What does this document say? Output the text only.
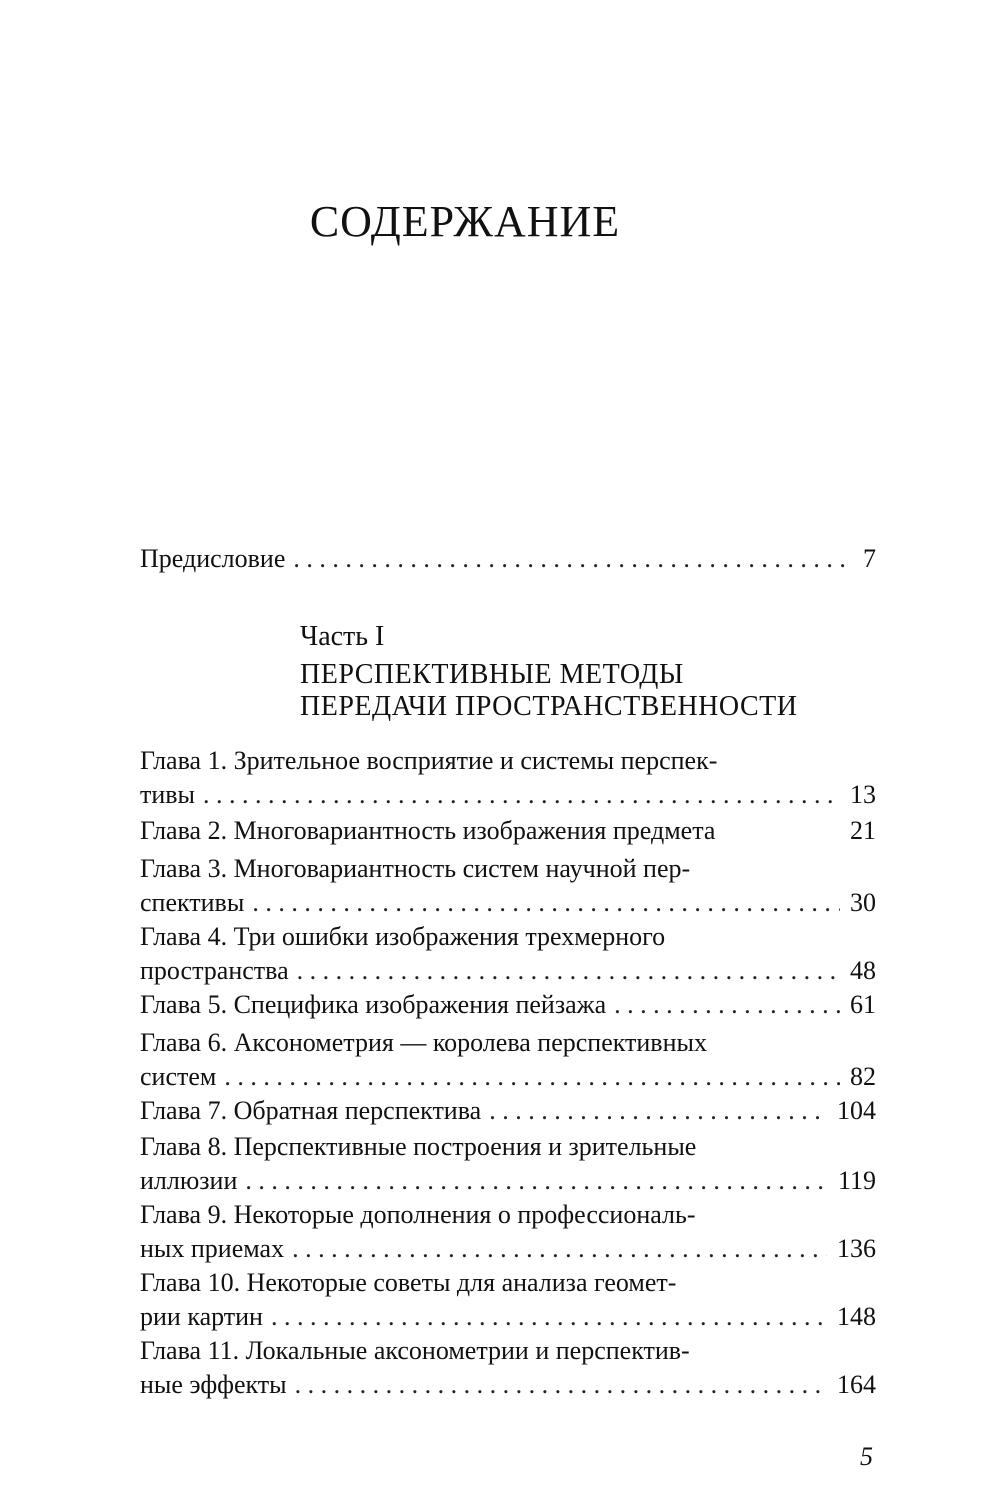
СОДЕРЖАНИЕ
Предисловие . . .	7
Часть I
ПЕРСПЕКТИВНЫЕ МЕТОДЫ
ПЕРЕДАЧИ ПРОСТРАНСТВЕННОСТИ
Глава 1. Зрительное восприятие и системы перспек-
тивы . . .	13
Глава 2. Многовариантность изображения предмета	21
Глава 3. Многовариантность систем научной пер-
спективы . . .	30
Глава 4. Три ошибки изображения трехмерного
пространства . . .	48
Глава 5. Специфика изображения пейзажа . . .	61
Глава 6. Аксонометрия — королева перспективных
систем . . .	82
Глава 7. Обратная перспектива . . .	104
Глава 8. Перспективные построения и зрительные
иллюзии . . .	119
Глава 9. Некоторые дополнения о профессиональ-
ных приемах . . .	136
Глава 10. Некоторые советы для анализа геомет-
рии картин . . .	148
Глава 11. Локальные аксонометрии и перспектив-
ные эффекты . . .	164
5
